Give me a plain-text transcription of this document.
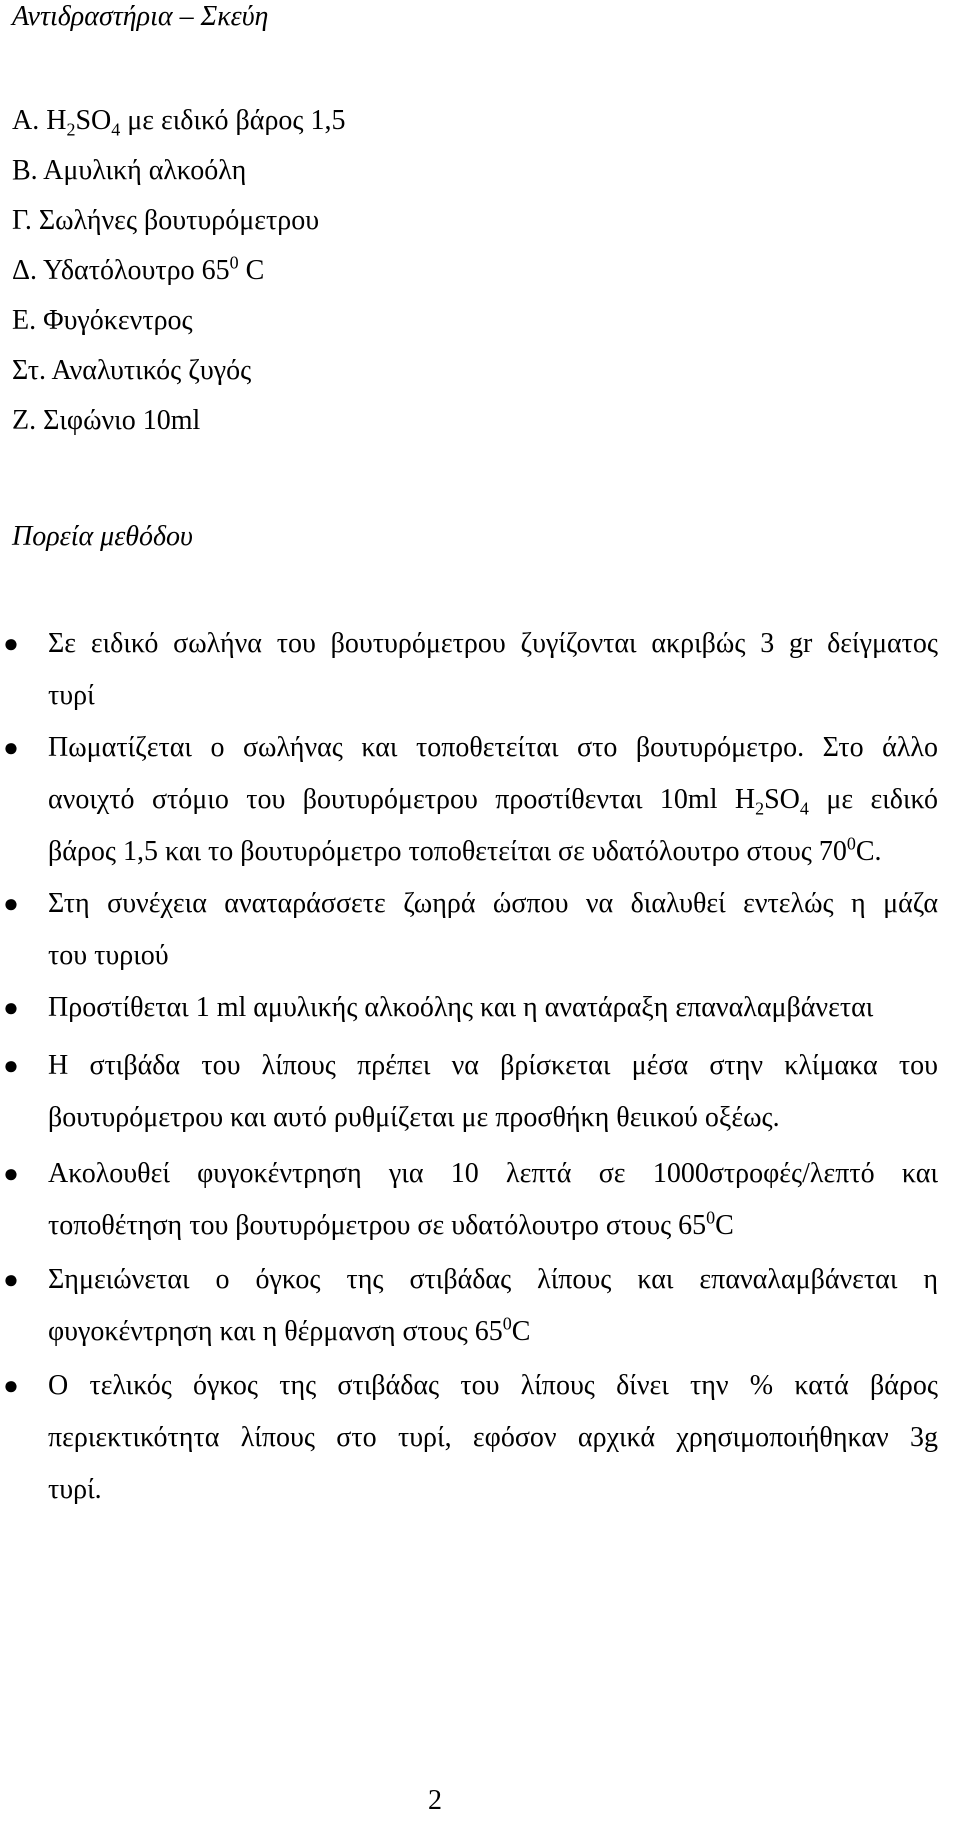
Αντιδραστήρια – Σκεύη
Α. $H_2SO_4$ με ειδικό βάρος 1,5
Β. Αμυλική αλκοόλη
Γ. Σωλήνες βουτυρόμετρου
Δ. Υδατόλουτρο $65^0$ C
Ε. Φυγόκεντρος
Στ. Αναλυτικός ζυγός
Ζ. Σιφώνιο 10ml
Πορεία μεθόδου
● Σε ειδικό σωλήνα του βουτυρόμετρου ζυγίζονται ακριβώς 3 gr δείγματος
τυρί
● Πωματίζεται ο σωλήνας και τοποθετείται στο βουτυρόμετρο. Στο άλλο
ανοιχτό στόμιο του βουτυρόμετρου προστίθενται 10ml $H_2SO_4$ με ειδικό
βάρος 1,5 και το βουτυρόμετρο τοποθετείται σε υδατόλουτρο στους $70^0C$.
● Στη συνέχεια αναταράσσετε ζωηρά ώσπου να διαλυθεί εντελώς η μάζα
του τυριού
● Προστίθεται 1 ml αμυλικής αλκοόλης και η ανατάραξη επαναλαμβάνεται
● Η στιβάδα του λίπους πρέπει να βρίσκεται μέσα στην κλίμακα του
βουτυρόμετρου και αυτό ρυθμίζεται με προσθήκη θειικού οξέως.
● Ακολουθεί φυγοκέντρηση για 10 λεπτά σε 1000στροφές/λεπτό και
τοποθέτηση του βουτυρόμετρου σε υδατόλουτρο στους $65^0C$
● Σημειώνεται ο όγκος της στιβάδας λίπους και επαναλαμβάνεται η
φυγοκέντρηση και η θέρμανση στους $65^0C$
● Ο τελικός όγκος της στιβάδας του λίπους δίνει την % κατά βάρος
περιεκτικότητα λίπους στο τυρί, εφόσον αρχικά χρησιμοποιήθηκαν 3g
τυρί.
2
